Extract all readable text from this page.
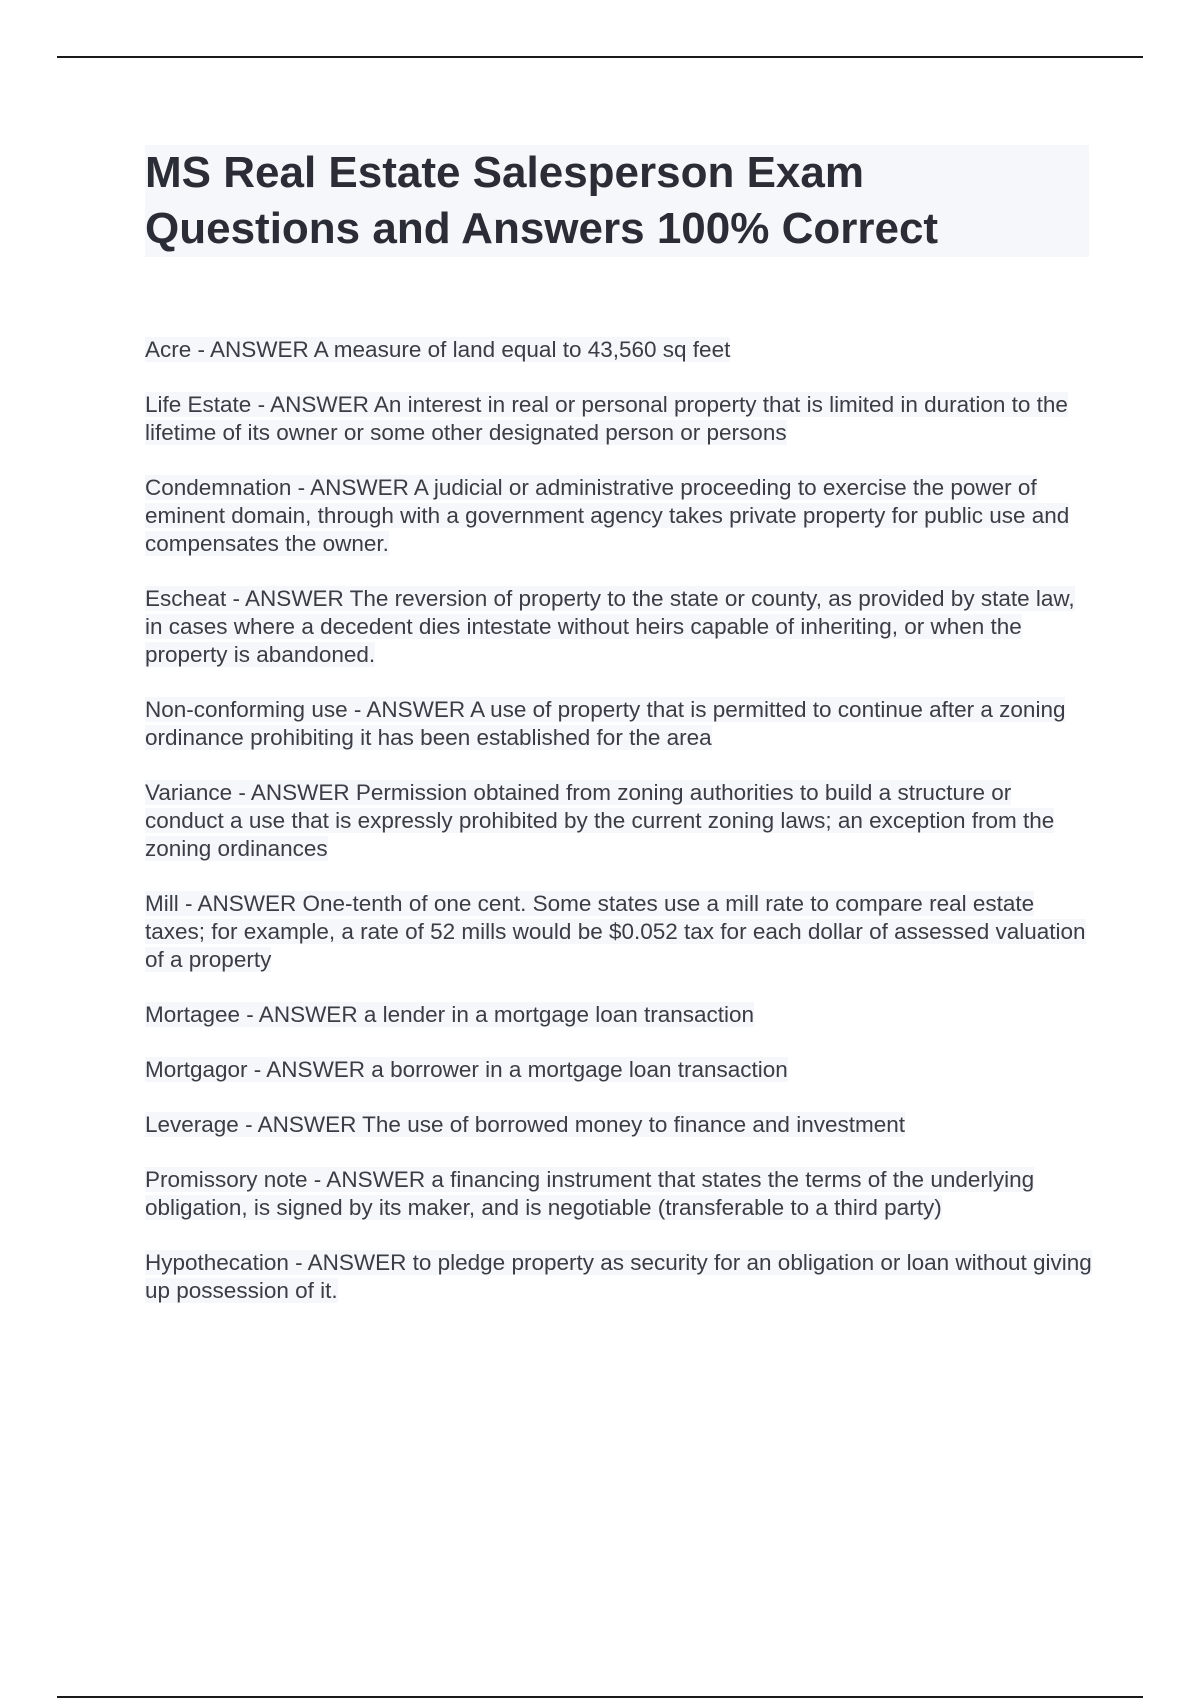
MS Real Estate Salesperson Exam Questions and Answers 100% Correct
Acre - ANSWER A measure of land equal to 43,560 sq feet
Life Estate - ANSWER An interest in real or personal property that is limited in duration to the lifetime of its owner or some other designated person or persons
Condemnation - ANSWER A judicial or administrative proceeding to exercise the power of eminent domain, through with a government agency takes private property for public use and compensates the owner.
Escheat - ANSWER The reversion of property to the state or county, as provided by state law, in cases where a decedent dies intestate without heirs capable of inheriting, or when the property is abandoned.
Non-conforming use - ANSWER A use of property that is permitted to continue after a zoning ordinance prohibiting it has been established for the area
Variance - ANSWER Permission obtained from zoning authorities to build a structure or conduct a use that is expressly prohibited by the current zoning laws; an exception from the zoning ordinances
Mill - ANSWER One-tenth of one cent. Some states use a mill rate to compare real estate taxes; for example, a rate of 52 mills would be $0.052 tax for each dollar of assessed valuation of a property
Mortagee - ANSWER a lender in a mortgage loan transaction
Mortgagor - ANSWER a borrower in a mortgage loan transaction
Leverage - ANSWER The use of borrowed money to finance and investment
Promissory note - ANSWER a financing instrument that states the terms of the underlying obligation, is signed by its maker, and is negotiable (transferable to a third party)
Hypothecation - ANSWER to pledge property as security for an obligation or loan without giving up possession of it.
